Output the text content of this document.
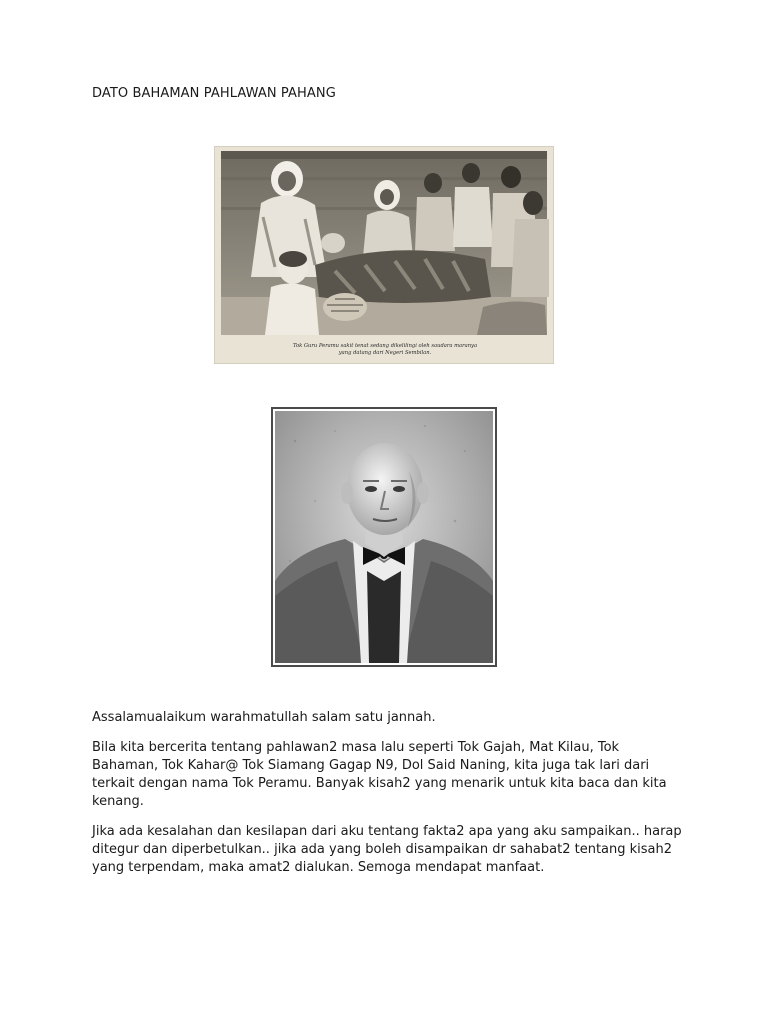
DATO BAHAMAN PAHLAWAN PAHANG
Tok Guru Peramu sakit tenat sedang dikelilingi oleh saudara maranya
yang datang dari Negeri Sembilan.

Assalamualaikum warahmatullah salam satu jannah.

Bila kita bercerita tentang pahlawan2 masa lalu seperti Tok Gajah, Mat Kilau, Tok Bahaman, Tok Kahar@ Tok Siamang Gagap N9, Dol Said Naning, kita juga tak lari dari terkait dengan nama Tok Peramu. Banyak kisah2 yang menarik untuk kita baca dan kita kenang.

Jika ada kesalahan dan kesilapan dari aku tentang fakta2 apa yang aku sampaikan.. harap ditegur dan diperbetulkan.. jika ada yang boleh disampaikan dr sahabat2 tentang kisah2 yang terpendam, maka amat2 dialukan. Semoga mendapat manfaat.
